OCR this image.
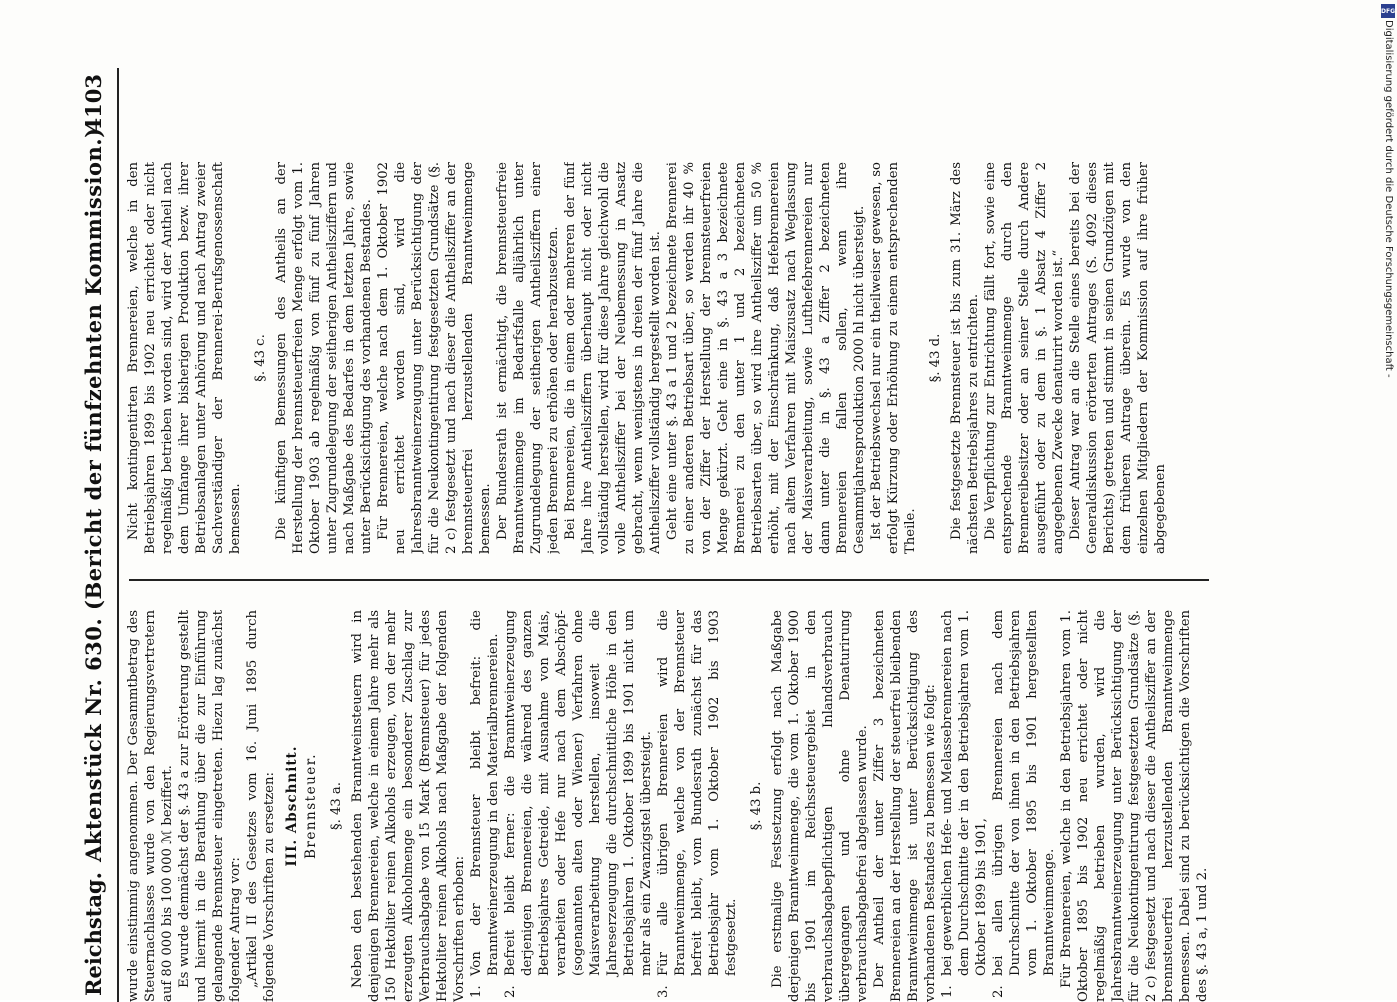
Reichstag.
Aktenstück Nr. 630. (Bericht der fünfzehnten Kommission.)
4103

wurde einstimmig angenommen. Der Gesammtbetrag des Steuernachlasses wurde von den Regierungsvertretern auf 80 000 bis 100 000 ℳ beziffert. Es wurde demnächst der §. 43 a zur Erörterung gestellt und hiermit in die Berathung über die zur Einführung gelangende Brennsteuer eingetreten. Hiezu lag zunächst folgender Antrag vor: „Artikel II des Gesetzes vom 16. Juni 1895 durch folgende Vorschriften zu ersetzen: III. Abschnitt. Brennsteuer. §. 43 a. Neben den bestehenden Branntweinsteuern wird in denjenigen Brennereien, welche in einem Jahre mehr als 150 Hektoliter reinen Alkohols erzeugen, von der mehr erzeugten Alkoholmenge ein besonderer Zuschlag zur Verbrauchsabgabe von 15 Mark (Brennsteuer) für jedes Hektoliter reinen Alkohols nach Maßgabe der folgenden Vorschriften erhoben: 1.
Von der Brennsteuer bleibt befreit: die Branntweinerzeugung in den Materialbrennereien.

2.
Befreit bleibt ferner: die Branntweinerzeugung derjenigen Brennereien, die während des ganzen Betriebsjahres Getreide, mit Ausnahme von Mais, verarbeiten oder Hefe nur nach dem Abschöpf- (sogenannten alten oder Wiener) Verfahren ohne Maisverarbeitung herstellen, insoweit die Jahreserzeugung die durchschnittliche Höhe in den Betriebsjahren 1. Oktober 1899 bis 1901 nicht um mehr als ein Zwanzigstel übersteigt.

3.
Für alle übrigen Brennereien wird die Branntweinmenge, welche von der Brennsteuer befreit bleibt, vom Bundesrath zunächst für das Betriebsjahr vom 1. Oktober 1902 bis 1903 festgesetzt.

§. 43 b. Die erstmalige Festsetzung erfolgt nach Maßgabe derjenigen Branntweinmenge, die vom 1. Oktober 1900 bis 1901 im Reichssteuergebiet in den verbrauchsabgabepflichtigen Inlandsverbrauch übergegangen und ohne Denaturirung verbrauchsabgabefrei abgelassen wurde. Der Antheil der unter Ziffer 3 bezeichneten Brennereien an der Herstellung der steuerfrei bleibenden Branntweinmenge ist unter Berücksichtigung des vorhandenen Bestandes zu bemessen wie folgt: 1.
bei gewerblichen Hefe- und Melassebrennereien nach dem Durchschnitte der in den Betriebsjahren vom 1. Oktober 1899 bis 1901,

2.
bei allen übrigen Brennereien nach dem Durchschnitte der von ihnen in den Betriebsjahren vom 1. Oktober 1895 bis 1901 hergestellten Branntweinmenge. Für Brennereien, welche in den Betriebsjahren vom 1. Oktober 1895 bis 1902 neu errichtet oder nicht regelmäßig betrieben wurden, wird die Jahresbranntweinerzeugung unter Berücksichtigung der für die Neukontingentirung festgesetzten Grundsätze (§. 2 c) festgesetzt und nach dieser die Antheilsziffer an der brennsteuerfrei herzustellenden Branntweinmenge bemessen. Dabei sind zu berücksichtigen die Vorschriften des §. 43 a, 1 und 2.

Nicht kontingentirten Brennereien, welche in den Betriebsjahren 1899 bis 1902 neu errichtet oder nicht regelmäßig betrieben worden sind, wird der Antheil nach dem Umfange ihrer bisherigen Produktion bezw. ihrer Betriebsanlagen unter Anhörung und nach Antrag zweier Sachverständiger der Brennerei-Berufsgenossenschaft bemessen.

§. 43 c. Die künftigen Bemessungen des Antheils an der Herstellung der brennsteuerfreien Menge erfolgt vom 1. Oktober 1903 ab regelmäßig von fünf zu fünf Jahren unter Zugrundelegung der seitherigen Antheilsziffern und nach Maßgabe des Bedarfes in dem letzten Jahre, sowie unter Berücksichtigung des vorhandenen Bestandes. Für Brennereien, welche nach dem 1. Oktober 1902 neu errichtet worden sind, wird die Jahresbranntweinerzeugung unter Berücksichtigung der für die Neukontingentirung festgesetzten Grundsätze (§. 2 c) festgesetzt und nach dieser die Antheilsziffer an der brennsteuerfrei herzustellenden Branntweinmenge bemessen. Der Bundesrath ist ermächtigt, die brennsteuerfreie Branntweinmenge im Bedarfsfalle alljährlich unter Zugrundelegung der seitherigen Antheilsziffern einer jeden Brennerei zu erhöhen oder herabzusetzen. Bei Brennereien, die in einem oder mehreren der fünf Jahre ihre Antheilsziffern überhaupt nicht oder nicht vollständig herstellen, wird für diese Jahre gleichwohl die volle Antheilsziffer bei der Neubemessung in Ansatz gebracht, wenn wenigstens in dreien der fünf Jahre die Antheilsziffer vollständig hergestellt worden ist. Geht eine unter §. 43 a 1 und 2 bezeichnete Brennerei zu einer anderen Betriebsart über, so werden ihr 40 % von der Ziffer der Herstellung der brennsteuerfreien Menge gekürzt. Geht eine in §. 43 a 3 bezeichnete Brennerei zu den unter 1 und 2 bezeichneten Betriebsarten über, so wird ihre Antheilsziffer um 50 % erhöht, mit der Einschränkung, daß Hefebrennereien nach altem Verfahren mit Maiszusatz nach Weglassung der Maisverarbeitung, sowie Lufthefebrennereien nur dann unter die in §. 43 a Ziffer 2 bezeichneten Brennereien fallen sollen, wenn ihre Gesammtjahresproduktion 2000 hl nicht übersteigt. Ist der Betriebswechsel nur ein theilweiser gewesen, so erfolgt Kürzung oder Erhöhung zu einem entsprechenden Theile.

§. 43 d. Die festgesetzte Brennsteuer ist bis zum 31. März des nächsten Betriebsjahres zu entrichten. Die Verpflichtung zur Entrichtung fällt fort, sowie eine entsprechende Branntweinmenge durch den Brennereibesitzer oder an seiner Stelle durch Andere ausgeführt oder zu dem in §. 1 Absatz 4 Ziffer 2 angegebenen Zwecke denaturirt worden ist.“ Dieser Antrag war an die Stelle eines bereits bei der Generaldiskussion erörterten Antrages (S. 4092 dieses Berichts) getreten und stimmt in seinen Grundzügen mit dem früheren Antrage überein. Es wurde von den einzelnen Mitgliedern der Kommission auf ihre früher abgegebenen

DFG
Digitalisierung gefördert durch die Deutsche Forschungsgemeinschaft -
